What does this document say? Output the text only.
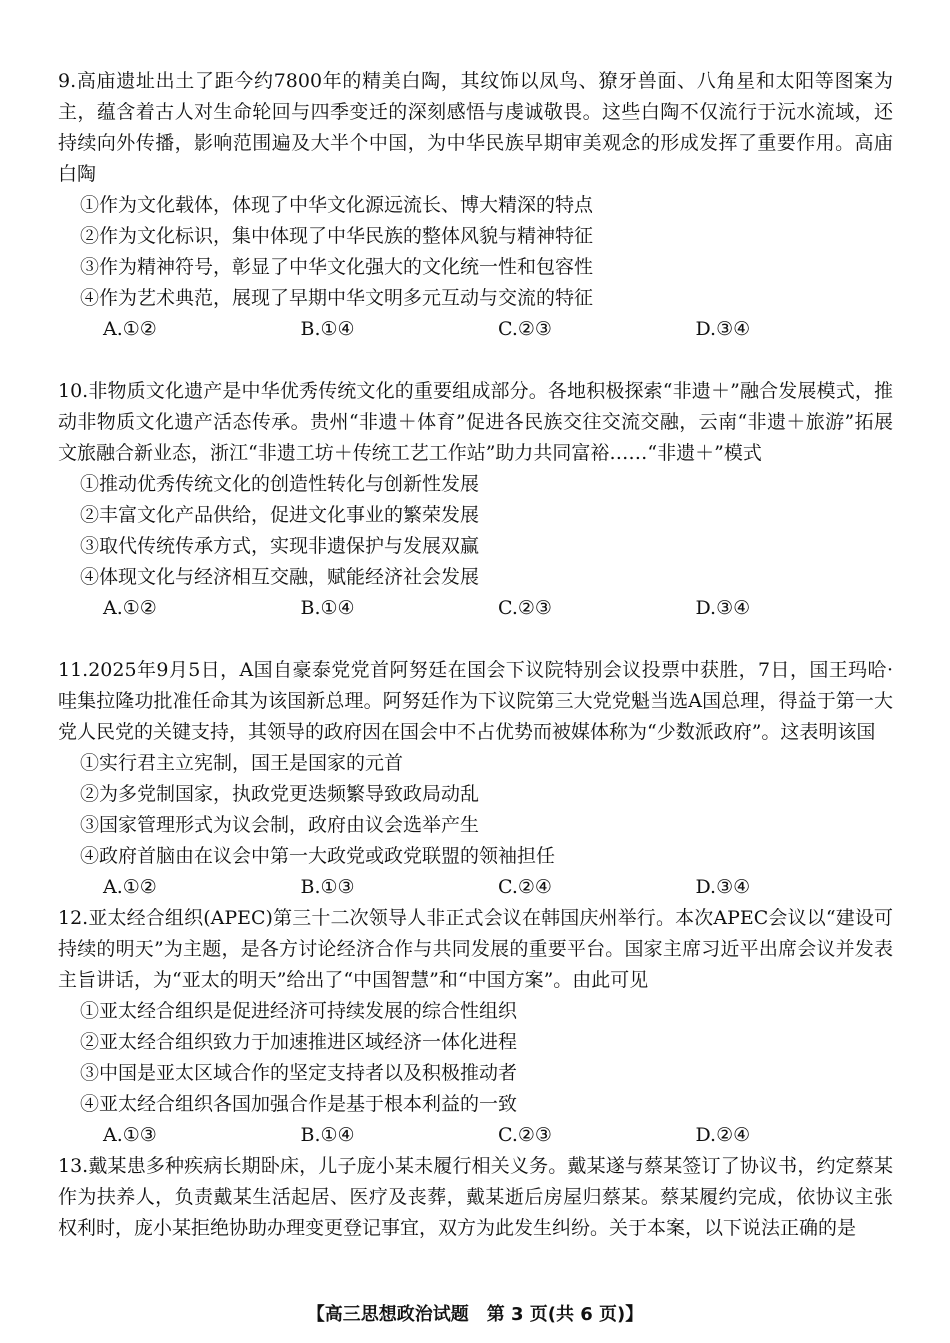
9.高庙遗址出土了距今约7800年的精美白陶，其纹饰以凤鸟、獠牙兽面、八角星和太阳等图案为主，蕴含着古人对生命轮回与四季变迁的深刻感悟与虔诚敬畏。这些白陶不仅流行于沅水流域，还持续向外传播，影响范围遍及大半个中国，为中华民族早期审美观念的形成发挥了重要作用。高庙白陶

①作为文化载体，体现了中华文化源远流长、博大精深的特点
②作为文化标识，集中体现了中华民族的整体风貌与精神特征
③作为精神符号，彰显了中华文化强大的文化统一性和包容性
④作为艺术典范，展现了早期中华文明多元互动与交流的特征
A.①②	B.①④	C.②③	D.③④

10.非物质文化遗产是中华优秀传统文化的重要组成部分。各地积极探索“非遗＋”融合发展模式，推动非物质文化遗产活态传承。贵州“非遗＋体育”促进各民族交往交流交融，云南“非遗＋旅游”拓展文旅融合新业态，浙江“非遗工坊＋传统工艺工作站”助力共同富裕……“非遗＋”模式

①推动优秀传统文化的创造性转化与创新性发展
②丰富文化产品供给，促进文化事业的繁荣发展
③取代传统传承方式，实现非遗保护与发展双赢
④体现文化与经济相互交融，赋能经济社会发展
A.①②	B.①④	C.②③	D.③④

11.2025年9月5日，A国自豪泰党党首阿努廷在国会下议院特别会议投票中获胜，7日，国王玛哈·哇集拉隆功批准任命其为该国新总理。阿努廷作为下议院第三大党党魁当选A国总理，得益于第一大党人民党的关键支持，其领导的政府因在国会中不占优势而被媒体称为“少数派政府”。这表明该国

①实行君主立宪制，国王是国家的元首
②为多党制国家，执政党更迭频繁导致政局动乱
③国家管理形式为议会制，政府由议会选举产生
④政府首脑由在议会中第一大政党或政党联盟的领袖担任
A.①②	B.①③	C.②④	D.③④

12.亚太经合组织(APEC)第三十二次领导人非正式会议在韩国庆州举行。本次APEC会议以“建设可持续的明天”为主题，是各方讨论经济合作与共同发展的重要平台。国家主席习近平出席会议并发表主旨讲话，为“亚太的明天”给出了“中国智慧”和“中国方案”。由此可见

①亚太经合组织是促进经济可持续发展的综合性组织
②亚太经合组织致力于加速推进区域经济一体化进程
③中国是亚太区域合作的坚定支持者以及积极推动者
④亚太经合组织各国加强合作是基于根本利益的一致
A.①③	B.①④	C.②③	D.②④

13.戴某患多种疾病长期卧床，儿子庞小某未履行相关义务。戴某遂与蔡某签订了协议书，约定蔡某作为扶养人，负责戴某生活起居、医疗及丧葬，戴某逝后房屋归蔡某。蔡某履约完成，依协议主张权利时，庞小某拒绝协助办理变更登记事宜，双方为此发生纠纷。关于本案，以下说法正确的是

【高三思想政治试题　第 3 页(共 6 页)】
